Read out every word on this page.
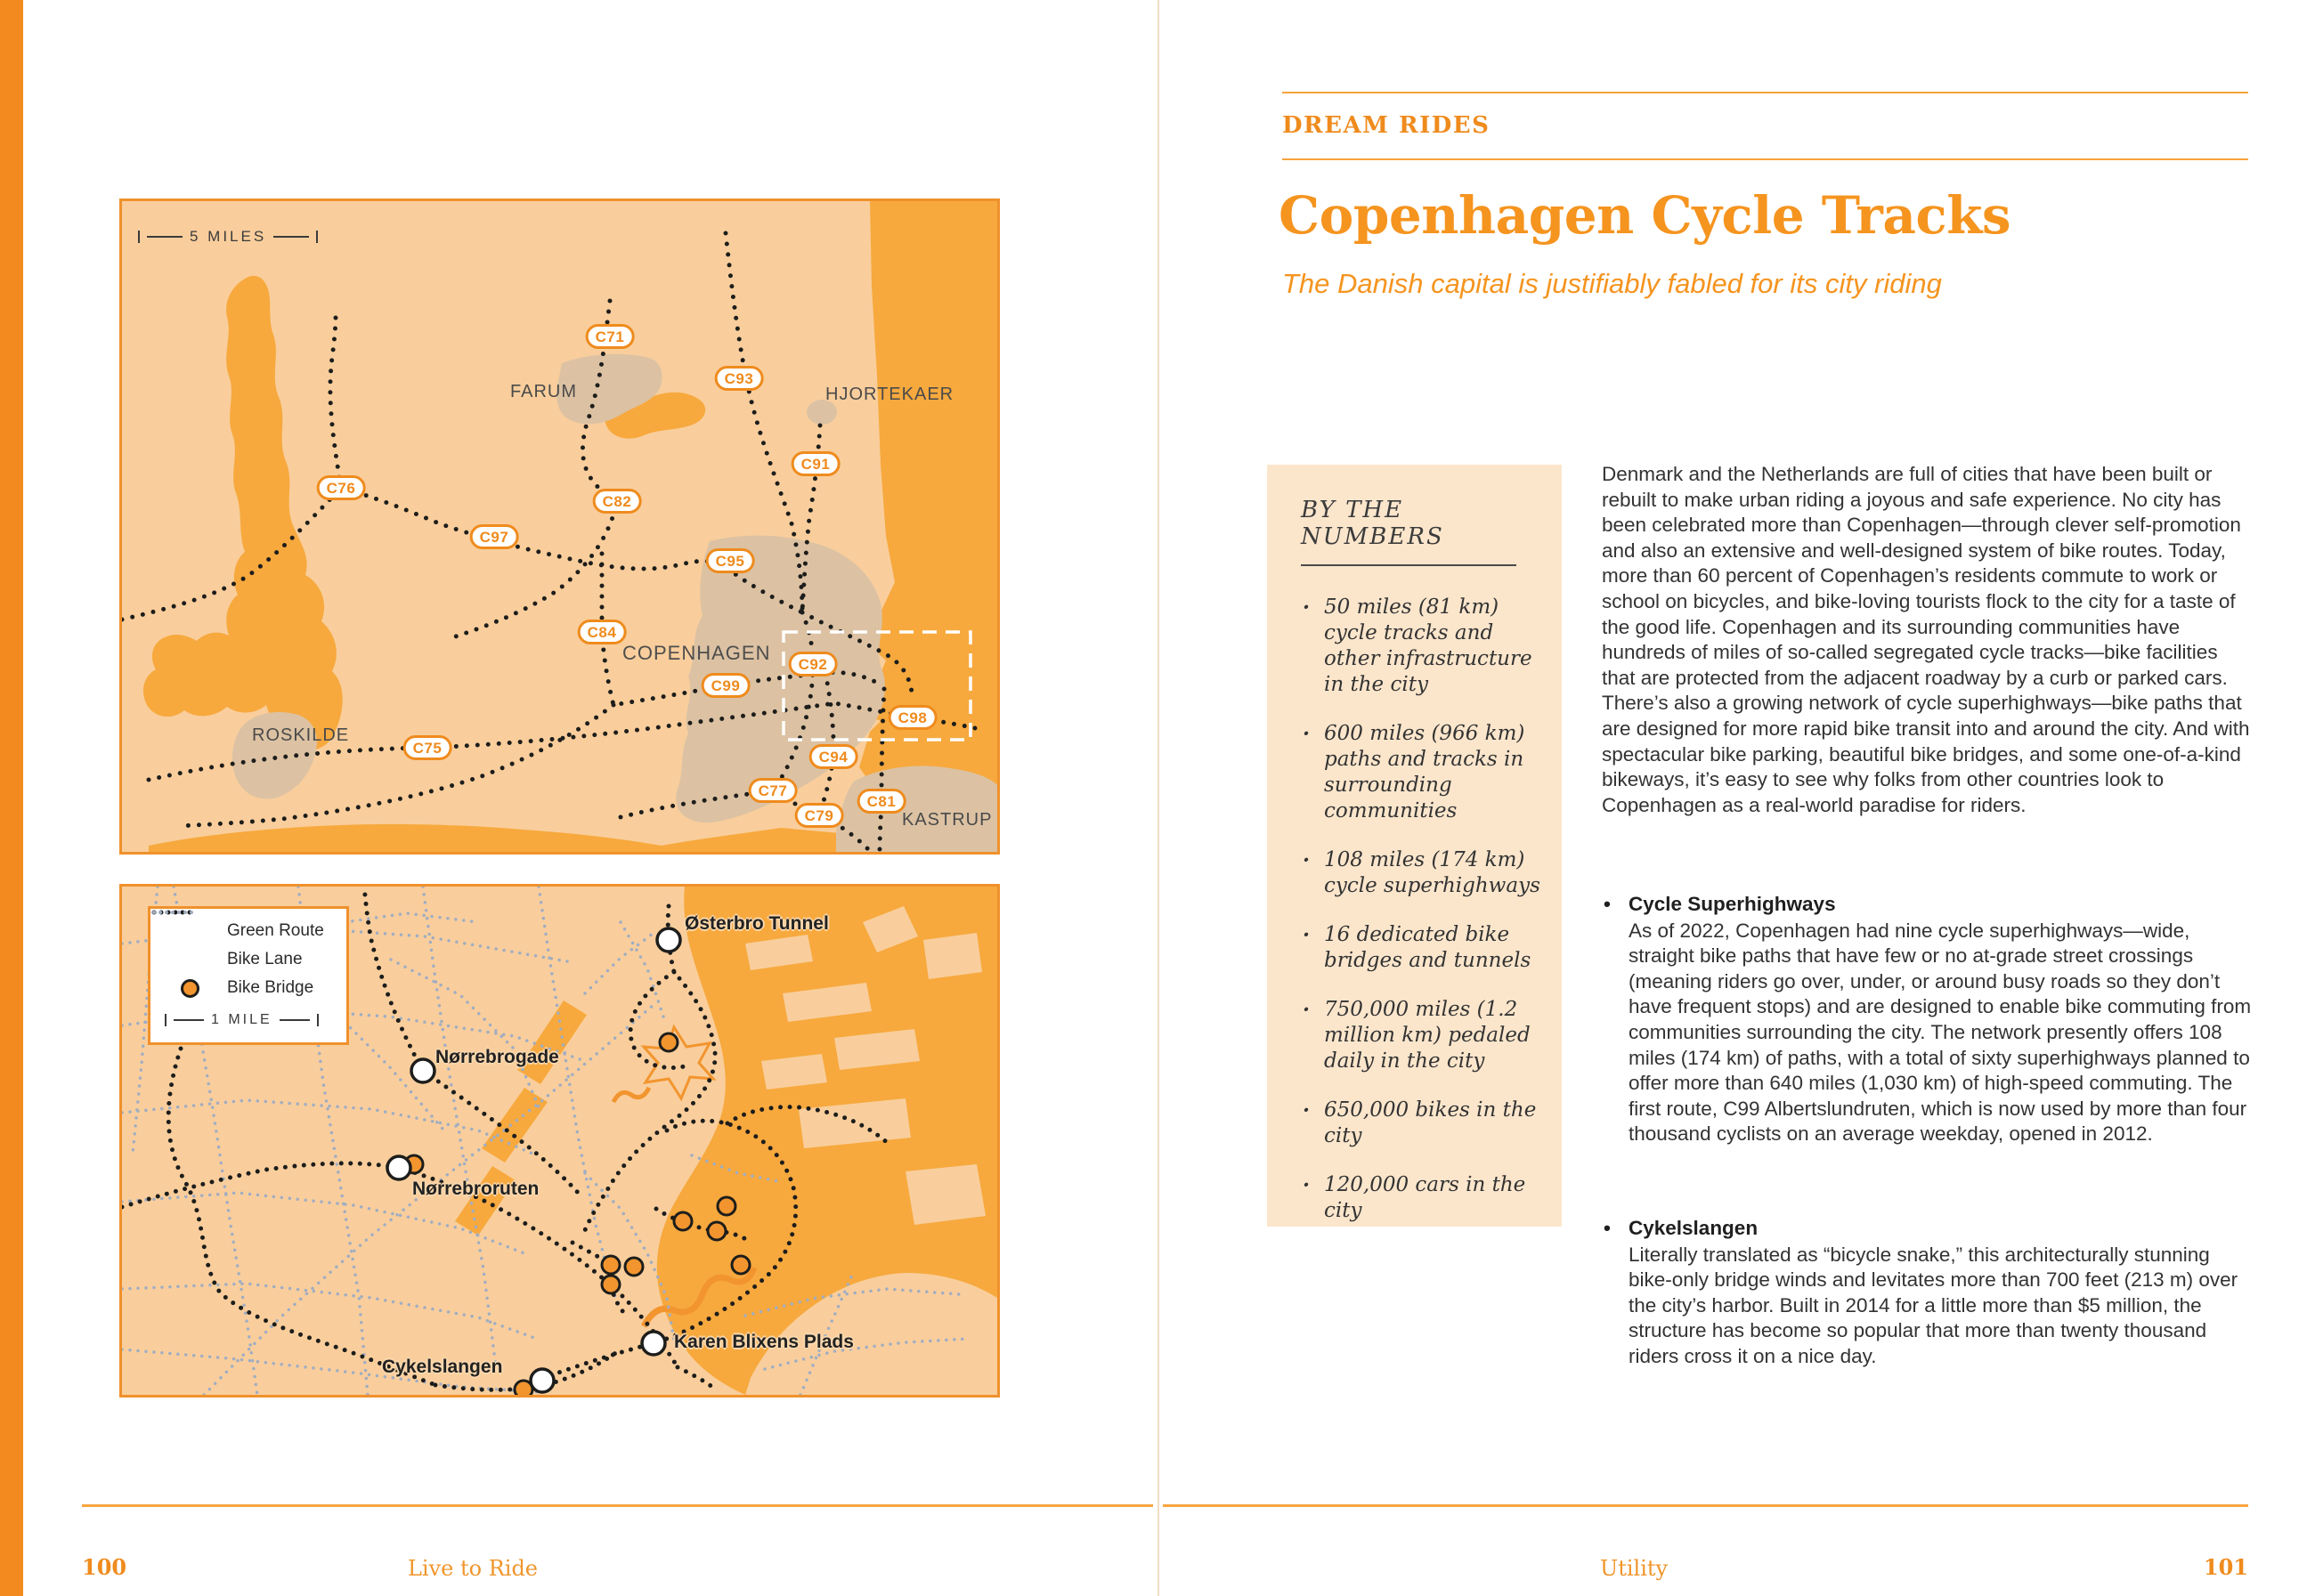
5 MILES
FARUM	HJORTEKAER
COPENHAGEN
ROSKILDE
KASTRUP
C71
C93
C91
C76
C82
C97
C95
C84
C92
C99
C75
C98
C94
C77
C79
C81
Green Route
Bike Lane
Bike Bridge
1 MILE
Østerbro Tunnel
Nørrebrogade
Nørrebroruten
Cykelslangen
Karen Blixens Plads
100	Live to Ride
DREAM RIDES
Copenhagen Cycle Tracks
The Danish capital is justifiably fabled for its city riding
BY THE NUMBERS
· 50 miles (81 km) cycle tracks and other infrastructure in the city
· 600 miles (966 km) paths and tracks in surrounding communities
· 108 miles (174 km) cycle superhighways
· 16 dedicated bike bridges and tunnels
· 750,000 miles (1.2 million km) pedaled daily in the city
· 650,000 bikes in the city
· 120,000 cars in the city

Denmark and the Netherlands are full of cities that have been built or rebuilt to make urban riding a joyous and safe experience. No city has been celebrated more than Copenhagen—through clever self-promotion and also an extensive and well-designed system of bike routes. Today, more than 60 percent of Copenhagen’s residents commute to work or school on bicycles, and bike-loving tourists flock to the city for a taste of the good life. Copenhagen and its surrounding communities have hundreds of miles of so-called segregated cycle tracks—bike facilities that are protected from the adjacent roadway by a curb or parked cars. There’s also a growing network of cycle superhighways—bike paths that are designed for more rapid bike transit into and around the city. And with spectacular bike parking, beautiful bike bridges, and some one-of-a-kind bikeways, it’s easy to see why folks from other countries look to Copenhagen as a real-world paradise for riders.

• Cycle Superhighways

As of 2022, Copenhagen had nine cycle superhighways—wide, straight bike paths that have few or no at-grade street crossings (meaning riders go over, under, or around busy roads so they don’t have frequent stops) and are designed to enable bike commuting from communities surrounding the city. The network presently offers 108 miles (174 km) of paths, with a total of sixty superhighways planned to offer more than 640 miles (1,030 km) of high-speed commuting. The first route, C99 Albertslundruten, which is now used by more than four thousand cyclists on an average weekday, opened in 2012.

• Cykelslangen

Literally translated as “bicycle snake,” this architecturally stunning bike-only bridge winds and levitates more than 700 feet (213 m) over the city’s harbor. Built in 2014 for a little more than $5 million, the structure has become so popular that more than twenty thousand riders cross it on a nice day.

Utility	101
